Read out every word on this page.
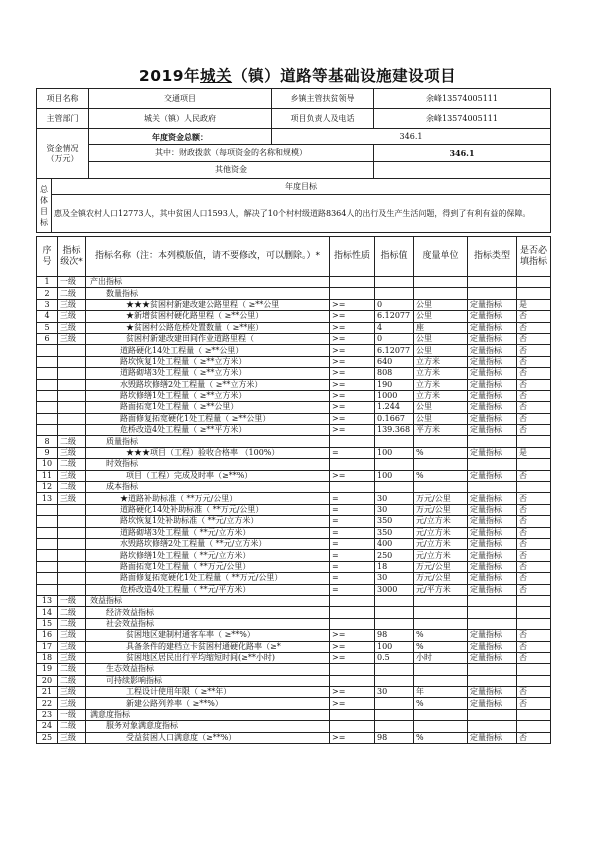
2019年城关（镇）道路等基础设施建设项目
项目名称	交通项目	乡镇主管扶贫领导	余峰13574005111
主管部门	城关（镇）人民政府	项目负责人及电话	余峰13574005111
资金情况（万元）	年度资金总额：	346.1	
	其中：财政拨款（每项资金的名称和规模）		346.1
	其他资金		
总体目标	年度目标
惠及全镇农村人口12773人，其中贫困人口1593人，解决了10个村村级道路8364人的出行及生产生活问题，得到了有利有益的保障。
序号	指标级次*	指标名称（注：本列模版值，请不要修改，可以删除。）*	指标性质	指标值	度量单位	指标类型	是否必填指标
1	一级	产出指标					
2	二级	数量指标					
3	三级	★★★贫困村新建改建公路里程（ ≥**公里	>=	0	公里	定量指标	是
4	三级	★新增贫困村硬化路里程（ ≥**公里）	>=	6.12077	公里	定量指标	否
5	三级	★贫困村公路危桥处置数量（ ≥**座）	>=	4	座	定量指标	否
6	三级	贫困村新建改建田间作业道路里程（	>=	0	公里	定量指标	否
		道路硬化14处工程量（ ≥**公里）	>=	6.12077	公里	定量指标	否
		路坎恢复1处工程量（ ≥**立方米）	>=	640	立方米	定量指标	否
		道路砌堵3处工程量（ ≥**立方米）	>=	808	立方米	定量指标	否
		水毁路坎修缮2处工程量（ ≥**立方米）	>=	190	立方米	定量指标	否
		路坎修缮1处工程量（ ≥**立方米）	>=	1000	立方米	定量指标	否
		路面拓宽1处工程量（ ≥**公里）	>=	1.244	公里	定量指标	否
		路面修复拓宽硬化1处工程量（ ≥**公里）	>=	0.1667	公里	定量指标	否
		危桥改造4处工程量（ ≥**平方米）	>=	139.368	平方米	定量指标	否
8	二级	质量指标					
9	三级	★★★项目（工程）验收合格率 （100%）	=	100	%	定量指标	是
10	二级	时效指标					
11	三级	项目（工程）完成及时率（≥**%）	>=	100	%	定量指标	否
12	二级	成本指标					
13	三级	★道路补助标准（ **万元/公里）	=	30	万元/公里	定量指标	否
		道路硬化14处补助标准（ **万元/公里）	=	30	万元/公里	定量指标	否
		路坎恢复1处补助标准（ **元/立方米）	=	350	元/立方米	定量指标	否
		道路砌堵3处工程量（ **元/立方米）	=	350	元/立方米	定量指标	否
		水毁路坎修缮2处工程量（ **元/立方米）	=	400	元/立方米	定量指标	否
		路坎修缮1处工程量（ **元/立方米）	=	250	元/立方米	定量指标	否
		路面拓宽1处工程量（ **万元/公里）	=	18	万元/公里	定量指标	否
		路面修复拓宽硬化1处工程量（ **万元/公里）	=	30	万元/公里	定量指标	否
		危桥改造4处工程量（ **元/平方米）	=	3000	元/平方米	定量指标	否
13	一级	效益指标					
14	二级	经济效益指标					
15	二级	社会效益指标					
16	三级	贫困地区建制村通客车率（ ≥**%）	>=	98	%	定量指标	否
17	三级	具备条件的建档立卡贫困村通硬化路率（≥*	>=	100	%	定量指标	否
18	三级	贫困地区居民出行平均缩短时间(≥**小时)	>=	0.5	小时	定量指标	否
19	二级	生态效益指标					
20	二级	可持续影响指标					
21	三级	工程设计使用年限（ ≥**年）	>=	30	年	定量指标	否
22	三级	新建公路列养率（ ≥**%）	>=		%	定量指标	否
23	一级	满意度指标					
24	二级	服务对象满意度指标					
25	三级	受益贫困人口满意度（≥**%）	>=	98	%	定量指标	否
